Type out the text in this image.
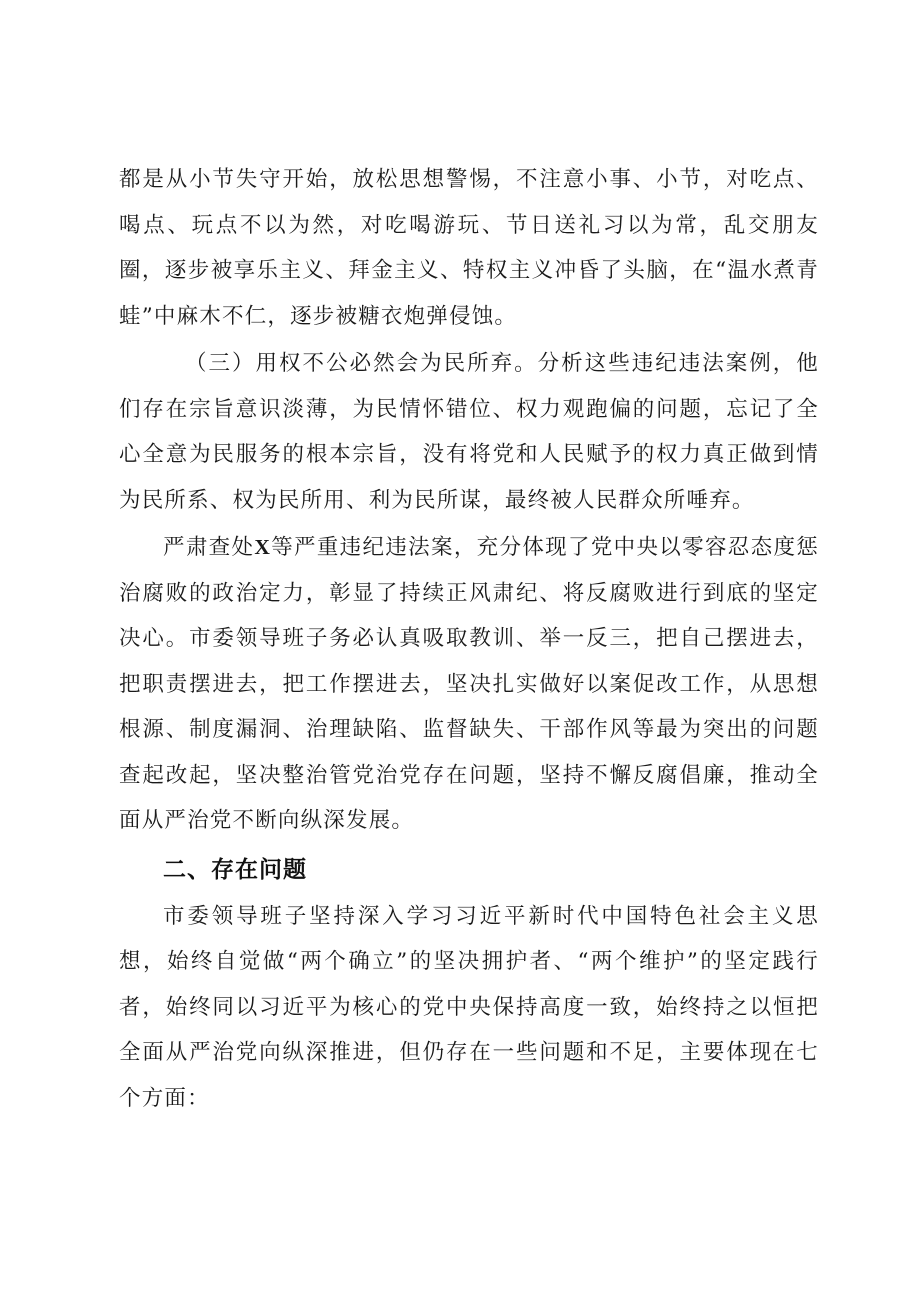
都是从小节失守开始，放松思想警惕，不注意小事、小节，对吃点、喝点、玩点不以为然，对吃喝游玩、节日送礼习以为常，乱交朋友圈，逐步被享乐主义、拜金主义、特权主义冲昏了头脑，在“温水煮青蛙”中麻木不仁，逐步被糖衣炮弹侵蚀。

（三）用权不公必然会为民所弃。分析这些违纪违法案例，他们存在宗旨意识淡薄，为民情怀错位、权力观跑偏的问题，忘记了全心全意为民服务的根本宗旨，没有将党和人民赋予的权力真正做到情为民所系、权为民所用、利为民所谋，最终被人民群众所唾弃。

严肃查处X等严重违纪违法案，充分体现了党中央以零容忍态度惩治腐败的政治定力，彰显了持续正风肃纪、将反腐败进行到底的坚定决心。市委领导班子务必认真吸取教训、举一反三，把自己摆进去，把职责摆进去，把工作摆进去，坚决扎实做好以案促改工作，从思想根源、制度漏洞、治理缺陷、监督缺失、干部作风等最为突出的问题查起改起，坚决整治管党治党存在问题，坚持不懈反腐倡廉，推动全面从严治党不断向纵深发展。

二、存在问题

市委领导班子坚持深入学习习近平新时代中国特色社会主义思想，始终自觉做“两个确立”的坚决拥护者、“两个维护”的坚定践行者，始终同以习近平为核心的党中央保持高度一致，始终持之以恒把全面从严治党向纵深推进，但仍存在一些问题和不足，主要体现在七个方面：
